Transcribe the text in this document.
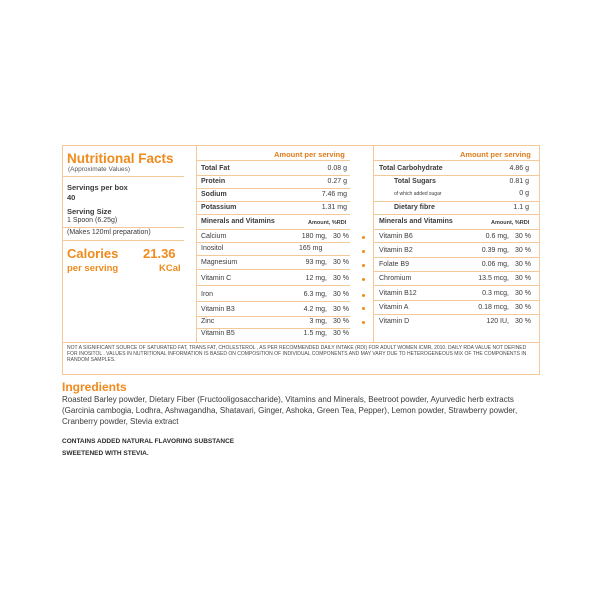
Nutritional Facts
(Approximate Values)
Servings per box
40
Serving Size
1 Spoon (6.25g)
(Makes 120ml preparation)
Calories 21.36
per serving	KCal
Amount per serving
Total Fat	0.08 g
Protein	0.27 g
Sodium	7.46 mg
Potassium	1.31 mg
Minerals and Vitamins	Amount, %RDI
Calcium	180 mg, 30 %
Inositol	165 mg
Magnesium	93 mg, 30 %
Vitamin C	12 mg, 30 %
Iron	6.3 mg, 30 %
Vitamin B3	4.2 mg, 30 %
Zinc	3 mg, 30 %
Vitamin B5	1.5 mg, 30 %
Amount per serving
Total Carbohydrate	4.86 g
Total Sugars	0.81 g
of which added sugar	0 g
Dietary fibre	1.1 g
Minerals and Vitamins	Amount, %RDI
Vitamin B6	0.6 mg, 30 %
Vitamin B2	0.39 mg, 30 %
Folate B9	0.06 mg, 30 %
Chromium	13.5 mcg, 30 %
Vitamin B12	0.3 mcg, 30 %
Vitamin A	0.18 mcg, 30 %
Vitamin D	120 IU, 30 %
NOT A SIGNIFICANT SOURCE OF SATURATED FAT, TRANS FAT, CHOLESTEROL , AS PER RECOMMENDED DAILY INTAKE (RDI) FOR ADULT WOMEN ICMR, 2010. DAILY RDA VALUE NOT DEFINED FOR INOSITOL . VALUES IN NUTRITIONAL INFORMATION IS BASED ON COMPOSITION OF INDIVIDUAL COMPONENTS AND MAY VARY DUE TO HETEROGENEOUS MIX OF THE COMPONENTS IN RANDOM SAMPLES.
Ingredients
Roasted Barley powder, Dietary Fiber (Fructooligosaccharide), Vitamins and Minerals, Beetroot powder, Ayurvedic herb extracts (Garcinia cambogia, Lodhra, Ashwagandha, Shatavari, Ginger, Ashoka, Green Tea, Pepper), Lemon powder, Strawberry powder, Cranberry powder, Stevia extract
CONTAINS ADDED NATURAL FLAVORING SUBSTANCE
SWEETENED WITH STEVIA.
